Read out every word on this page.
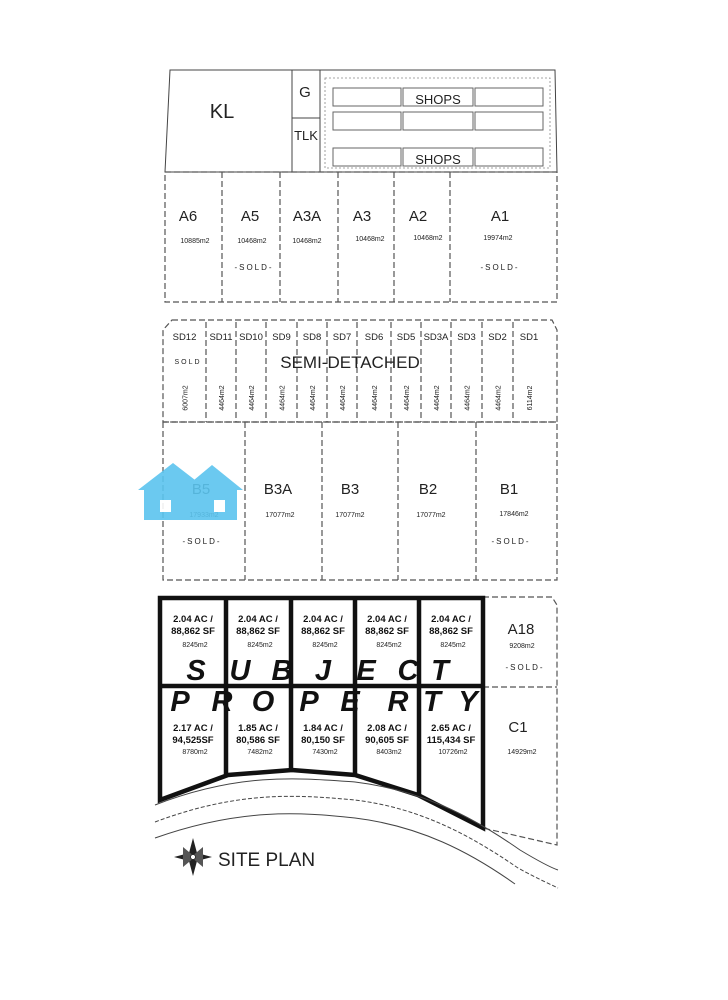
KL
G
TLK
SHOPS
SHOPS
A6
10885m2
A5
10468m2
-SOLD-
A3A
10468m2
A3
10468m2
A2
10468m2
A1
19974m2
-SOLD-
SD12 SD11 SD10 SD9 SD8 SD7 SD6 SD5 SD3A SD3 SD2 SD1
6007m2	4464m2	4464m2	4464m2	4464m2	4464m2	4464m2	4464m2	4464m2	4464m2	4464m2	6114m2
SEMI-DETACHED
SOLD
-SOLD-
B3A
17077m2
B3
17077m2
B2
17077m2
B1
17846m2
-SOLD-
A18
9208m2
-SOLD-
C1
14929m2
2.04 AC /
88,862 SF
8245m2
2.04 AC /
88,862 SF
8245m2
2.04 AC /
88,862 SF
8245m2
2.04 AC /
88,862 SF
8245m2
2.04 AC /
88,862 SF
8245m2
2.17 AC /
94,525SF
8780m2
1.85 AC /
80,586 SF
7482m2
1.84 AC /
80,150 SF
7430m2
2.08 AC /
90,605 SF
8403m2
2.65 AC /
115,434 SF
10726m2
S U B J E C T
P R O P E R T Y
SITE PLAN
